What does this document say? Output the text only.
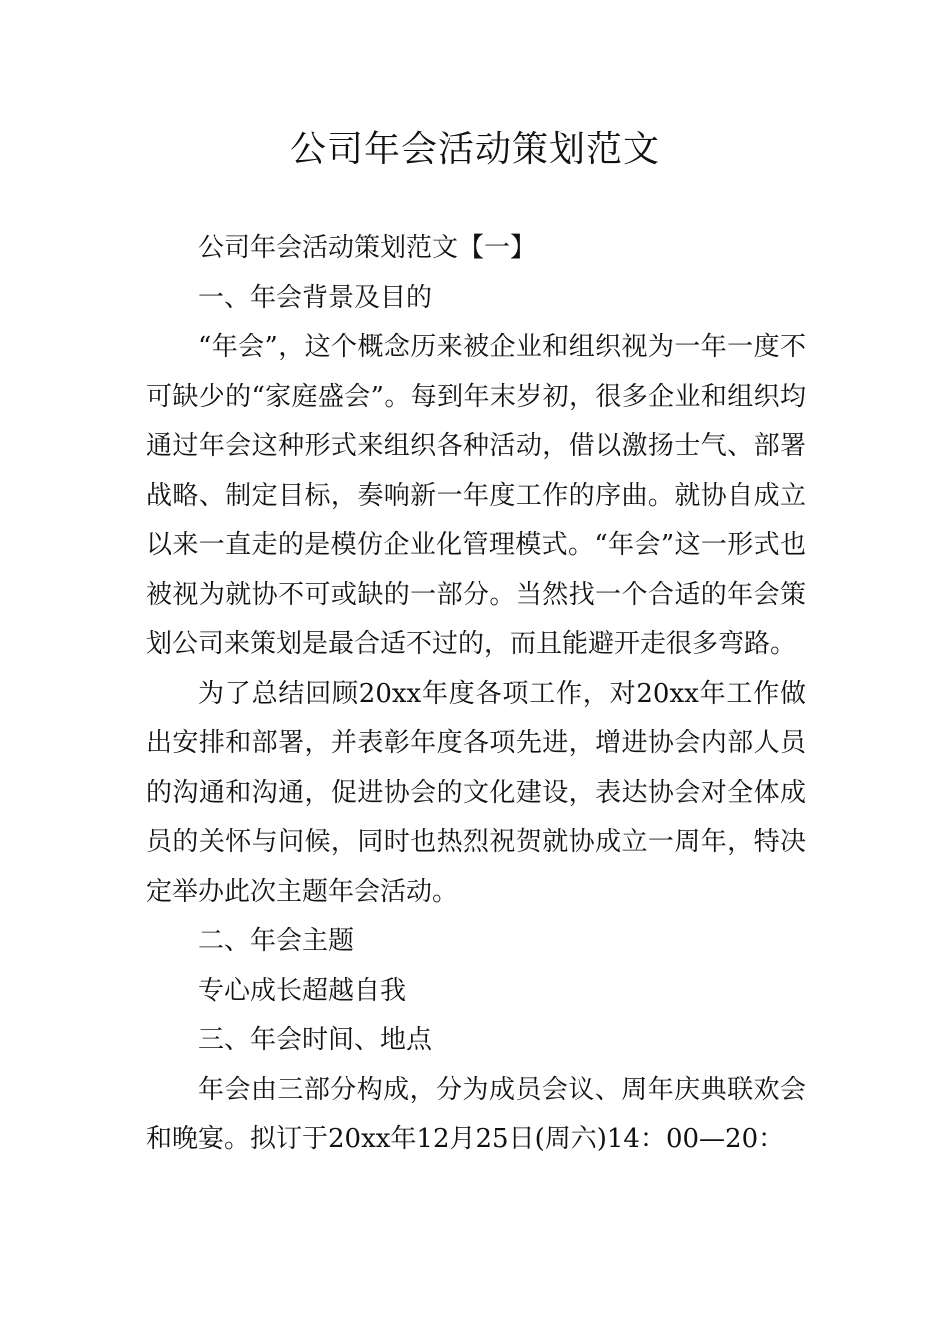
公司年会活动策划范文

公司年会活动策划范文【一】

一、年会背景及目的

“年会”，这个概念历来被企业和组织视为一年一度不可缺少的“家庭盛会”。每到年末岁初，很多企业和组织均通过年会这种形式来组织各种活动，借以激扬士气、部署战略、制定目标，奏响新一年度工作的序曲。就协自成立以来一直走的是模仿企业化管理模式。“年会”这一形式也被视为就协不可或缺的一部分。当然找一个合适的年会策划公司来策划是最合适不过的，而且能避开走很多弯路。

为了总结回顾20xx年度各项工作，对20xx年工作做出安排和部署，并表彰年度各项先进，增进协会内部人员的沟通和沟通，促进协会的文化建设，表达协会对全体成员的关怀与问候，同时也热烈祝贺就协成立一周年，特决定举办此次主题年会活动。

二、年会主题

专心成长超越自我

三、年会时间、地点

年会由三部分构成，分为成员会议、周年庆典联欢会和晚宴。拟订于20xx年12月25日(周六)14：00—20：
